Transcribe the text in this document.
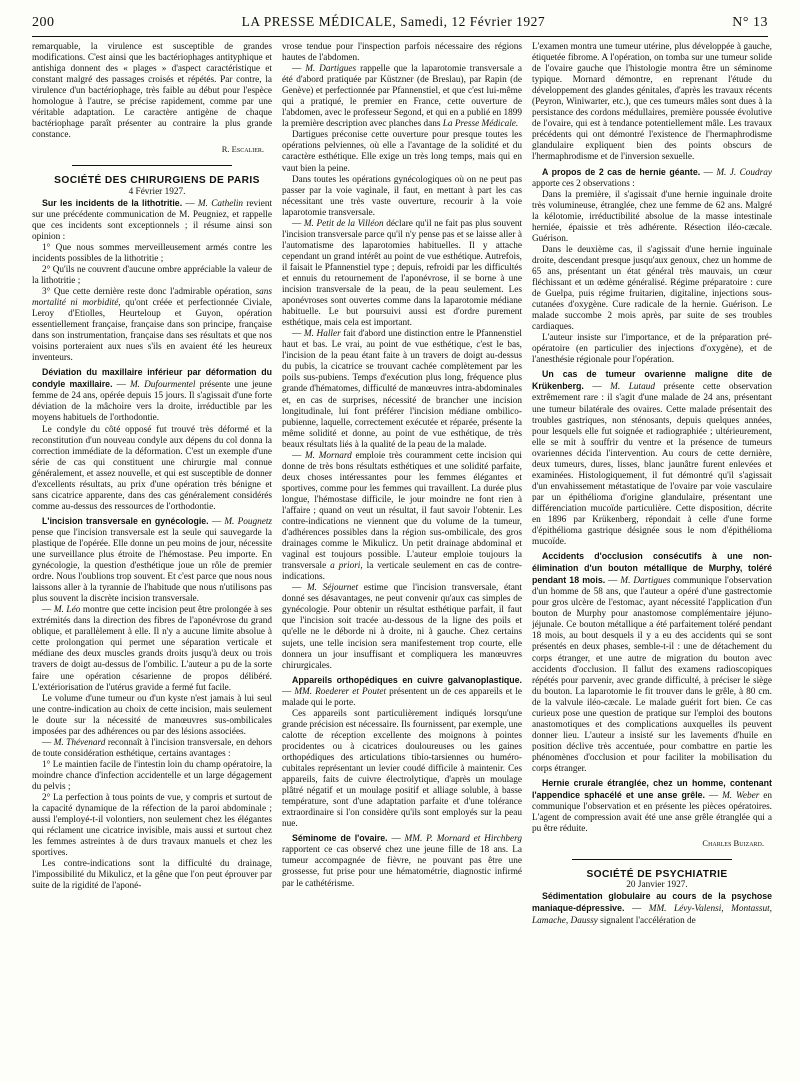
200	LA PRESSE MÉDICALE, Samedi, 12 Février 1927	N° 13

remarquable, la virulence est susceptible de grandes modifications. C'est ainsi que les bactériophages antityphique et antishiga donnent des « plages » d'aspect caractéristique et constant malgré des passages croisés et répétés. Par contre, la virulence d'un bactériophage, très faible au début pour l'espèce homologue à l'autre, se précise rapidement, comme par une véritable adaptation. Le caractère antigène de chaque bactériophage paraît présenter au contraire la plus grande constance.

R. Escalier.

SOCIÉTÉ DES CHIRURGIENS DE PARIS

4 Février 1927.

Sur les incidents de la lithotritie. — M. Cathelin revient sur une précédente communication de M. Peugniez, et rappelle que ces incidents sont exceptionnels ; il résume ainsi son opinion :

1° Que nous sommes merveilleusement armés contre les incidents possibles de la lithotritie ;

2° Qu'ils ne couvrent d'aucune ombre appréciable la valeur de la lithotritie ;

3° Que cette dernière reste donc l'admirable opération, sans mortalité ni morbidité, qu'ont créée et perfectionnée Civiale, Leroy d'Etiolles, Heurteloup et Guyon, opération essentiellement française, française dans son principe, française dans son instrumentation, française dans ses résultats et que nos voisins porteraient aux nues s'ils en avaient été les heureux inventeurs.

Déviation du maxillaire inférieur par déformation du condyle maxillaire. — M. Dufourmentel présente une jeune femme de 24 ans, opérée depuis 15 jours. Il s'agissait d'une forte déviation de la mâchoire vers la droite, irréductible par les moyens habituels de l'orthodontie.

Le condyle du côté opposé fut trouvé très déformé et la reconstitution d'un nouveau condyle aux dépens du col donna la correction immédiate de la déformation. C'est un exemple d'une série de cas qui constituent une chirurgie mal connue généralement, et assez nouvelle, et qui est susceptible de donner d'excellents résultats, au prix d'une opération très bénigne et sans cicatrice apparente, dans des cas généralement considérés comme au-dessus des ressources de l'orthodontie.

L'incision transversale en gynécologie. — M. Pougnetz pense que l'incision transversale est la seule qui sauvegarde la plastique de l'opérée. Elle donne un peu moins de jour, nécessite une surveillance plus étroite de l'hémostase. Peu importe. En gynécologie, la question d'esthétique joue un rôle de premier ordre. Nous l'oublions trop souvent. Et c'est parce que nous nous laissons aller à la tyrannie de l'habitude que nous n'utilisons pas plus souvent la discrète incision transversale.

— M. Léo montre que cette incision peut être prolongée à ses extrémités dans la direction des fibres de l'aponévrose du grand oblique, et parallèlement à elle. Il n'y a aucune limite absolue à cette prolongation qui permet une séparation verticale et médiane des deux muscles grands droits jusqu'à deux ou trois travers de doigt au-dessus de l'ombilic. L'auteur a pu de la sorte faire une opération césarienne de propos délibéré. L'extériorisation de l'utérus gravide a fermé fut facile.

Le volume d'une tumeur ou d'un kyste n'est jamais à lui seul une contre-indication au choix de cette incision, mais seulement le doute sur la nécessité de manœuvres sus-ombilicales imposées par des adhérences ou par des lésions associées.

— M. Thévenard reconnaît à l'incision transversale, en dehors de toute considération esthétique, certains avantages :

1° Le maintien facile de l'intestin loin du champ opératoire, la moindre chance d'infection accidentelle et un large dégagement du pelvis ;

2° La perfection à tous points de vue, y compris et surtout de la capacité dynamique de la réfection de la paroi abdominale ; aussi l'employé-t-il volontiers, non seulement chez les élégantes qui réclament une cicatrice invisible, mais aussi et surtout chez les femmes astreintes à de durs travaux manuels et chez les sportives.

Les contre-indications sont la difficulté du drainage, l'impossibilité du Mikulicz, et la gêne que l'on peut éprouver par suite de la rigidité de l'aponé-

vrose tendue pour l'inspection parfois nécessaire des régions hautes de l'abdomen.

— M. Dartigues rappelle que la laparotomie transversale a été d'abord pratiquée par Küstzner (de Breslau), par Rapin (de Genève) et perfectionnée par Pfannenstiel, et que c'est lui-même qui a pratiqué, le premier en France, cette ouverture de l'abdomen, avec le professeur Segond, et qui en a publié en 1899 la première description avec planches dans La Presse Médicale.

Dartigues préconise cette ouverture pour presque toutes les opérations pelviennes, où elle a l'avantage de la solidité et du caractère esthétique. Elle exige un très long temps, mais qui en vaut bien la peine.

Dans toutes les opérations gynécologiques où on ne peut pas passer par la voie vaginale, il faut, en mettant à part les cas nécessitant une très vaste ouverture, recourir à la voie laparotomie transversale.

— M. Petit de la Villéon déclare qu'il ne fait pas plus souvent l'incision transversale parce qu'il n'y pense pas et se laisse aller à l'automatisme des laparotomies habituelles. Il y attache cependant un grand intérêt au point de vue esthétique. Autrefois, il faisait le Pfannenstiel type ; depuis, refroidi par les difficultés et ennuis du retournement de l'aponévrose, il se borne à une incision transversale de la peau, de la peau seulement. Les aponévroses sont ouvertes comme dans la laparotomie médiane habituelle. Le but poursuivi aussi est d'ordre purement esthétique, mais cela est important.

— M. Haller fait d'abord une distinction entre le Pfannenstiel haut et bas. Le vrai, au point de vue esthétique, c'est le bas, l'incision de la peau étant faite à un travers de doigt au-dessus du pubis, la cicatrice se trouvant cachée complètement par les poils sus-pubiens. Temps d'exécution plus long, fréquence plus grande d'hématomes, difficulté de manœuvres intra-abdominales et, en cas de surprises, nécessité de brancher une incision longitudinale, lui font préférer l'incision médiane ombilico-pubienne, laquelle, correctement exécutée et réparée, présente la même solidité et donne, au point de vue esthétique, de très beaux résultats liés à la qualité de la peau de la malade.

— M. Mornard emploie très couramment cette incision qui donne de très bons résultats esthétiques et une solidité parfaite, deux choses intéressantes pour les femmes élégantes et sportives, comme pour les femmes qui travaillent. La durée plus longue, l'hémostase difficile, le jour moindre ne font rien à l'affaire ; quand on veut un résultat, il faut savoir l'obtenir. Les contre-indications ne viennent que du volume de la tumeur, d'adhérences possibles dans la région sus-ombilicale, des gros drainages comme le Mikulicz. Un petit drainage abdominal et vaginal est toujours possible. L'auteur emploie toujours la transversale a priori, la verticale seulement en cas de contre-indications.

— M. Séjournet estime que l'incision transversale, étant donné ses désavantages, ne peut convenir qu'aux cas simples de gynécologie. Pour obtenir un résultat esthétique parfait, il faut que l'incision soit tracée au-dessous de la ligne des poils et qu'elle ne le déborde ni à droite, ni à gauche. Chez certains sujets, une telle incision sera manifestement trop courte, elle donnera un jour insuffisant et compliquera les manœuvres chirurgicales.

Appareils orthopédiques en cuivre galvanoplastique. — MM. Roederer et Poutet présentent un de ces appareils et le malade qui le porte.

Ces appareils sont particulièrement indiqués lorsqu'une grande précision est nécessaire. Ils fournissent, par exemple, une calotte de réception excellente des moignons à pointes procidentes ou à cicatrices douloureuses ou les gaines orthopédiques des articulations tibio-tarsiennes ou huméro-cubitales représentant un levier coudé difficile à maintenir. Ces appareils, faits de cuivre électrolytique, d'après un moulage plâtré négatif et un moulage positif et alliage soluble, à basse température, sont d'une adaptation parfaite et d'une tolérance extraordinaire si l'on considère qu'ils sont employés sur la peau nue.

Séminome de l'ovaire. — MM. P. Mornard et Hirchberg rapportent ce cas observé chez une jeune fille de 18 ans. La tumeur accompagnée de fièvre, ne pouvant pas être une grossesse, fut prise pour une hématométrie, diagnostic infirmé par le cathétérisme.

L'examen montra une tumeur utérine, plus développée à gauche, étiquetée fibrome. A l'opération, on tomba sur une tumeur solide de l'ovaire gauche que l'histologie montra être un séminome typique. Mornard démontre, en reprenant l'étude du développement des glandes génitales, d'après les travaux récents (Peyron, Winiwarter, etc.), que ces tumeurs mâles sont dues à la persistance des cordons médullaires, première poussée évolutive de l'ovaire, qui est à tendance potentiellement mâle. Les travaux précédents qui ont démontré l'existence de l'hermaphrodisme glandulaire expliquent bien des points obscurs de l'hermaphrodisme et de l'inversion sexuelle.

A propos de 2 cas de hernie géante. — M. J. Coudray apporte ces 2 observations :

Dans la première, il s'agissait d'une hernie inguinale droite très volumineuse, étranglée, chez une femme de 62 ans. Malgré la kélotomie, irréductibilité absolue de la masse intestinale herniée, épaissie et très adhérente. Résection iléo-cæcale. Guérison.

Dans le deuxième cas, il s'agissait d'une hernie inguinale droite, descendant presque jusqu'aux genoux, chez un homme de 65 ans, présentant un état général très mauvais, un cœur fléchissant et un œdème généralisé. Régime préparatoire : cure de Guelpa, puis régime fruitarien, digitaline, injections sous-cutanées d'oxygène. Cure radicale de la hernie. Guérison. Le malade succombe 2 mois après, par suite de ses troubles cardiaques.

L'auteur insiste sur l'importance, et de la préparation pré-opératoire (en particulier des injections d'oxygène), et de l'anesthésie régionale pour l'opération.

Un cas de tumeur ovarienne maligne dite de Krükenberg. — M. Lutaud présente cette observation extrêmement rare : il s'agit d'une malade de 24 ans, présentant une tumeur bilatérale des ovaires. Cette malade présentait des troubles gastriques, non sténosants, depuis quelques années, pour lesquels elle fut soignée et radiographiée ; ultérieurement, elle se mit à souffrir du ventre et la présence de tumeurs ovariennes décida l'intervention. Au cours de cette dernière, deux tumeurs, dures, lisses, blanc jaunâtre furent enlevées et examinées. Histologiquement, il fut démontré qu'il s'agissait d'un envahissement métastatique de l'ovaire par voie vasculaire par un épithélioma d'origine glandulaire, présentant une différenciation mucoïde particulière. Cette disposition, décrite en 1896 par Krükenberg, répondait à celle d'une forme d'épithélioma gastrique désignée sous le nom d'épithélioma mucoïde.

Accidents d'occlusion consécutifs à une non-élimination d'un bouton métallique de Murphy, toléré pendant 18 mois. — M. Dartigues communique l'observation d'un homme de 58 ans, que l'auteur a opéré d'une gastrectomie pour gros ulcère de l'estomac, ayant nécessité l'application d'un bouton de Murphy pour anastomose complémentaire jéjuno-jéjunale. Ce bouton métallique a été parfaitement toléré pendant 18 mois, au bout desquels il y a eu des accidents qui se sont présentés en deux phases, semble-t-il : une de détachement du corps étranger, et une autre de migration du bouton avec accidents d'occlusion. Il fallut des examens radioscopiques répétés pour parvenir, avec grande difficulté, à préciser le siège du bouton. La laparotomie le fit trouver dans le grêle, à 80 cm. de la valvule iléo-cæcale. Le malade guérit fort bien. Ce cas curieux pose une question de pratique sur l'emploi des boutons anastomotiques et des complications auxquelles ils peuvent donner lieu. L'auteur a insisté sur les lavements d'huile en position déclive très accentuée, pour combattre en partie les phénomènes d'occlusion et pour faciliter la mobilisation du corps étranger.

Hernie crurale étranglée, chez un homme, contenant l'appendice sphacélé et une anse grêle. — M. Weber en communique l'observation et en présente les pièces opératoires. L'agent de compression avait été une anse grêle étranglée qui a pu être réduite.

Charles Buizard.

SOCIÉTÉ DE PSYCHIATRIE

20 Janvier 1927.

Sédimentation globulaire au cours de la psychose maniaque-dépressive. — MM. Lévy-Valensi, Montassut, Lamache, Daussy signalent l'accélération de
